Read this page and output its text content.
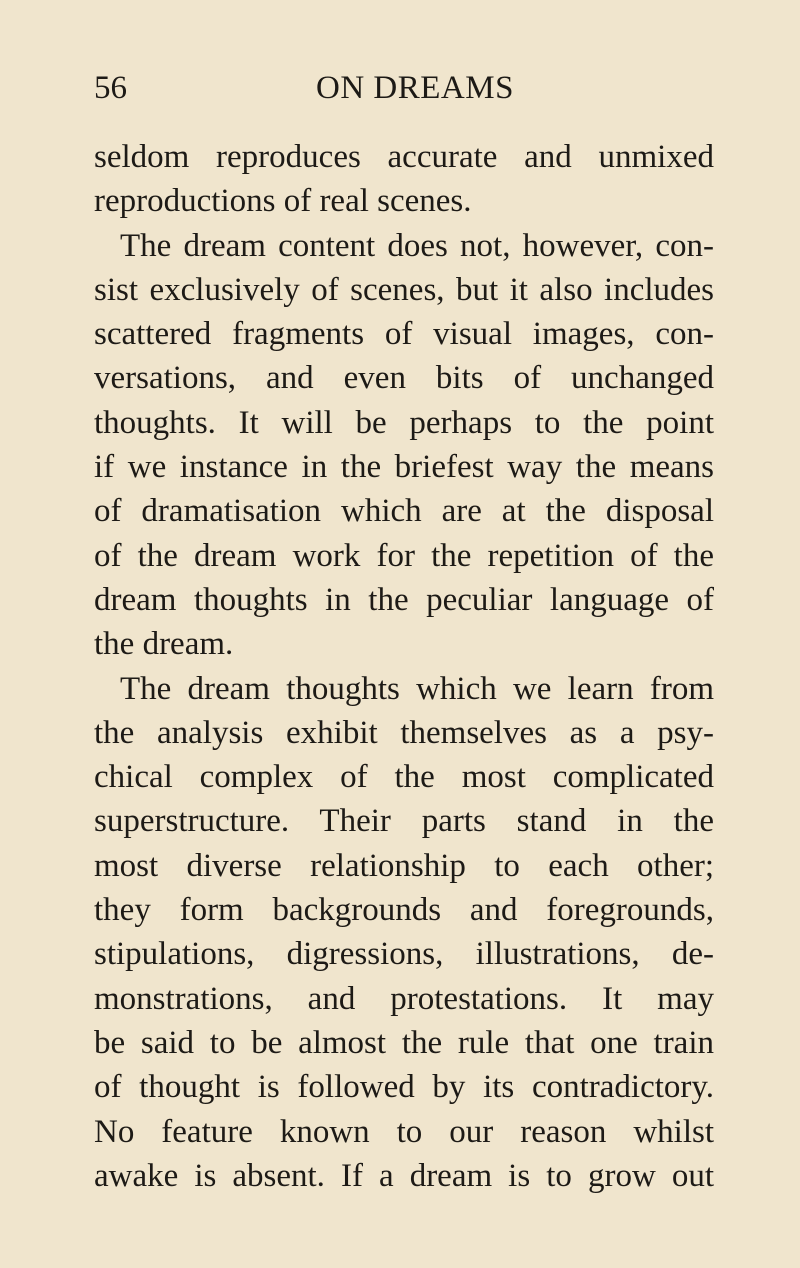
56	ON DREAMS
seldom reproduces accurate and unmixed
reproductions of real scenes.
The dream content does not, however, con-
sist exclusively of scenes, but it also includes
scattered fragments of visual images, con-
versations, and even bits of unchanged
thoughts. It will be perhaps to the point
if we instance in the briefest way the means
of dramatisation which are at the disposal
of the dream work for the repetition of the
dream thoughts in the peculiar language of
the dream.
The dream thoughts which we learn from
the analysis exhibit themselves as a psy-
chical complex of the most complicated
superstructure. Their parts stand in the
most diverse relationship to each other;
they form backgrounds and foregrounds,
stipulations, digressions, illustrations, de-
monstrations, and protestations. It may
be said to be almost the rule that one train
of thought is followed by its contradictory.
No feature known to our reason whilst
awake is absent. If a dream is to grow out
